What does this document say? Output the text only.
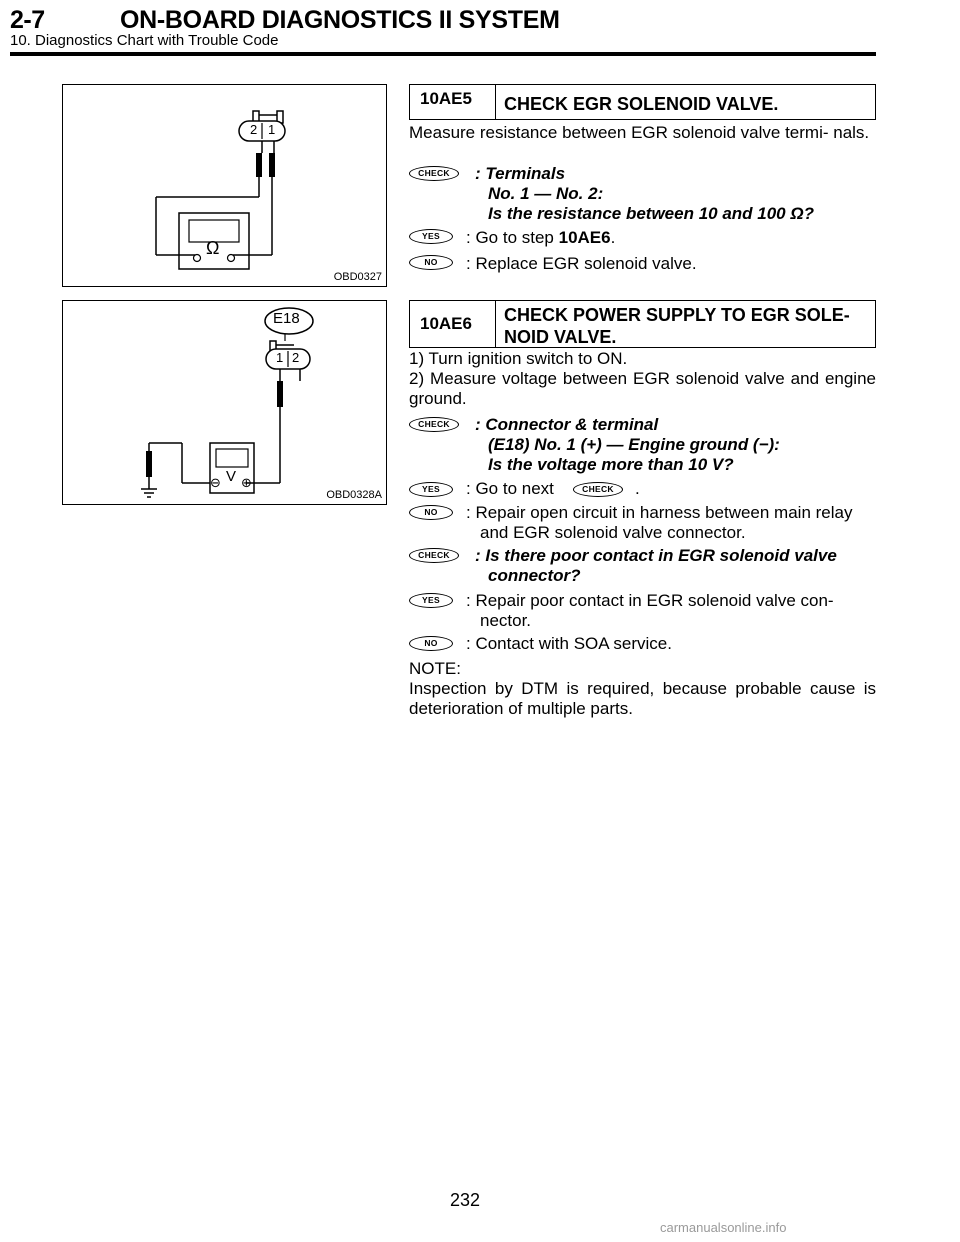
2-7	ON-BOARD DIAGNOSTICS II SYSTEM
10. Diagnostics Chart with Trouble Code
2 1
Ω
OBD0327
E18
1 2
V
⊖ ⊕
OBD0328A
10AE5	CHECK EGR SOLENOID VALVE.
Measure resistance between EGR solenoid valve termi- nals.
CHECK	: Terminals
No. 1 — No. 2:
Is the resistance between 10 and 100 Ω?
YES	: Go to step 10AE6.
NO	: Replace EGR solenoid valve.
10AE6	CHECK POWER SUPPLY TO EGR SOLE-
NOID VALVE.
1) Turn ignition switch to ON.
2) Measure voltage between EGR solenoid valve and engine ground.
CHECK	: Connector & terminal
(E18) No. 1 (+) — Engine ground (−):
Is the voltage more than 10 V?
YES	: Go to next	CHECK	.
NO	: Repair open circuit in harness between main relay
and EGR solenoid valve connector.
CHECK	: Is there poor contact in EGR solenoid valve
connector?
YES	: Repair poor contact in EGR solenoid valve con-
nector.
NO	: Contact with SOA service.
NOTE:
Inspection by DTM is required, because probable cause is deterioration of multiple parts.
232
carmanualsonline.info
